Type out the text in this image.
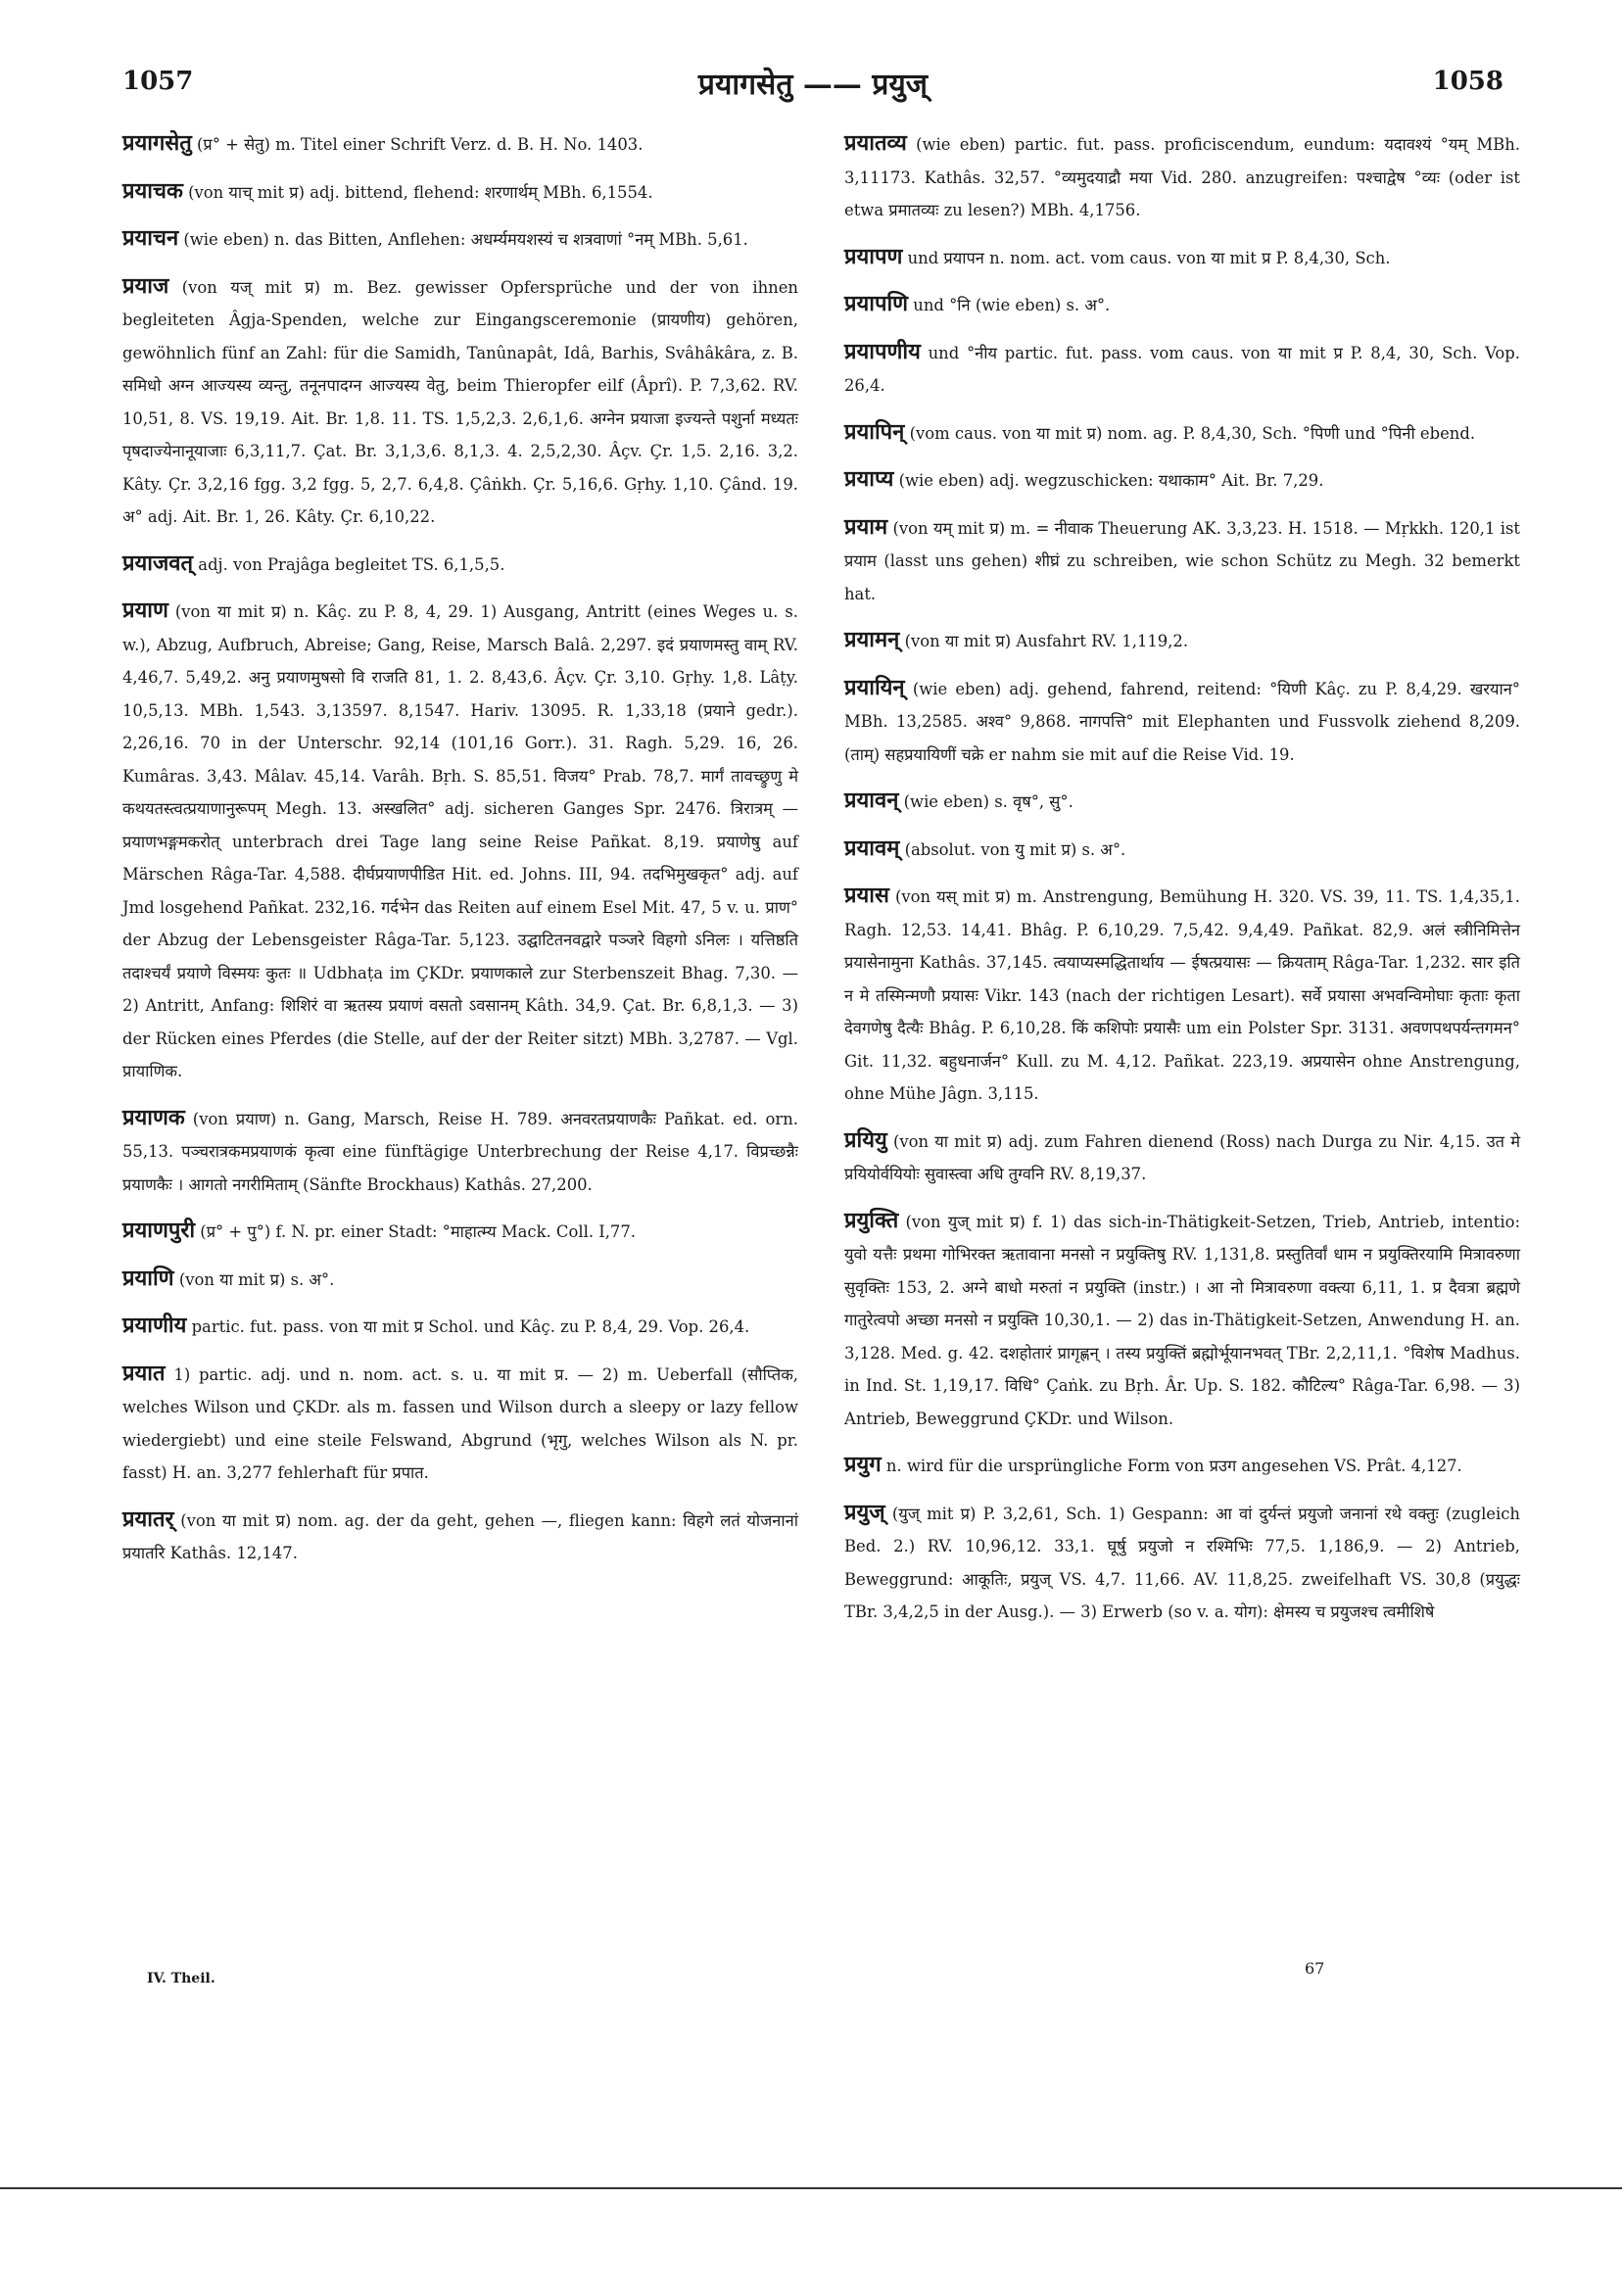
1057	प्रयागसेतु —— प्रयुज्	1058

प्रयागसेतु (प्र° + सेतु) m. Titel einer Schrift Verz. d. B. H. No. 1403.

प्रयाचक (von याच् mit प्र) adj. bittend, flehend: शरणार्थम् MBh. 6,1554.

प्रयाचन (wie eben) n. das Bitten, Anflehen: अधर्म्यमयशस्यं च शत्रवाणां °नम् MBh. 5,61.

प्रयाज (von यज् mit प्र) m. Bez. gewisser Opfersprüche und der von ihnen begleiteten Âgja-Spenden, welche zur Eingangsceremonie (प्रायणीय) gehören, gewöhnlich fünf an Zahl: für die Samidh, Tanûnapât, Idâ, Barhis, Svâhâkâra, z. B. समिधो अग्न आज्यस्य व्यन्तु, तनूनपादग्न आज्यस्य वेतु, beim Thieropfer eilf (Âprî). P. 7,3,62. RV. 10,51, 8. VS. 19,19. Ait. Br. 1,8. 11. TS. 1,5,2,3. 2,6,1,6. अग्नेन प्रयाजा इज्यन्ते पशुर्ना मध्यतः पृषदाज्येनानूयाजाः 6,3,11,7. Çat. Br. 3,1,3,6. 8,1,3. 4. 2,5,2,30. Âçv. Çr. 1,5. 2,16. 3,2. Kâty. Çr. 3,2,16 fgg. 3,2 fgg. 5, 2,7. 6,4,8. Çâṅkh. Çr. 5,16,6. Gṛhy. 1,10. Çând. 19. अ° adj. Ait. Br. 1, 26. Kâty. Çr. 6,10,22.

प्रयाजवत् adj. von Prajâga begleitet TS. 6,1,5,5.

प्रयाण (von या mit प्र) n. Kâç. zu P. 8, 4, 29. 1) Ausgang, Antritt (eines Weges u. s. w.), Abzug, Aufbruch, Abreise; Gang, Reise, Marsch Balâ. 2,297. इदं प्रयाणमस्तु वाम् RV. 4,46,7. 5,49,2. अनु प्रयाणमुषसो वि राजति 81, 1. 2. 8,43,6. Âçv. Çr. 3,10. Gṛhy. 1,8. Lâṭy. 10,5,13. MBh. 1,543. 3,13597. 8,1547. Hariv. 13095. R. 1,33,18 (प्रयाने gedr.). 2,26,16. 70 in der Unterschr. 92,14 (101,16 Gorr.). 31. Ragh. 5,29. 16, 26. Kumâras. 3,43. Mâlav. 45,14. Varâh. Bṛh. S. 85,51. विजय° Prab. 78,7. मार्गं तावच्छ्रुणु मे कथयतस्त्वत्प्रयाणानुरूपम् Megh. 13. अस्खलित° adj. sicheren Ganges Spr. 2476. त्रिरात्रम् — प्रयाणभङ्गमकरोत् unterbrach drei Tage lang seine Reise Pañkat. 8,19. प्रयाणेषु auf Märschen Râga-Tar. 4,588. दीर्घप्रयाणपीडित Hit. ed. Johns. III, 94. तदभिमुखकृत° adj. auf Jmd losgehend Pañkat. 232,16. गर्दभेन das Reiten auf einem Esel Mit. 47, 5 v. u. प्राण° der Abzug der Lebensgeister Râga-Tar. 5,123. उद्घाटितनवद्वारे पञ्जरे विहगो ऽनिलः । यत्तिष्ठति तदाश्चर्यं प्रयाणे विस्मयः कुतः ॥ Udbhaṭa im ÇKDr. प्रयाणकाले zur Sterbenszeit Bhag. 7,30. — 2) Antritt, Anfang: शिशिरं वा ऋतस्य प्रयाणं वसतो ऽवसानम् Kâth. 34,9. Çat. Br. 6,8,1,3. — 3) der Rücken eines Pferdes (die Stelle, auf der der Reiter sitzt) MBh. 3,2787. — Vgl. प्रायाणिक.

प्रयाणक (von प्रयाण) n. Gang, Marsch, Reise H. 789. अनवरतप्रयाणकैः Pañkat. ed. orn. 55,13. पञ्चरात्रकमप्रयाणकं कृत्वा eine fünftägige Unterbrechung der Reise 4,17. विप्रच्छन्नैः प्रयाणकैः । आगतो नगरीमिताम् (Sänfte Brockhaus) Kathâs. 27,200.

प्रयाणपुरी (प्र° + पु°) f. N. pr. einer Stadt: °माहात्म्य Mack. Coll. I,77.

प्रयाणि (von या mit प्र) s. अ°.

प्रयाणीय partic. fut. pass. von या mit प्र Schol. und Kâç. zu P. 8,4, 29. Vop. 26,4.

प्रयात 1) partic. adj. und n. nom. act. s. u. या mit प्र. — 2) m. Ueberfall (सौप्तिक, welches Wilson und ÇKDr. als m. fassen und Wilson durch a sleepy or lazy fellow wiedergiebt) und eine steile Felswand, Abgrund (भृगु, welches Wilson als N. pr. fasst) H. an. 3,277 fehlerhaft für प्रपात.

प्रयातर् (von या mit प्र) nom. ag. der da geht, gehen —, fliegen kann: विहगे लतं योजनानां प्रयातरि Kathâs. 12,147.

प्रयातव्य (wie eben) partic. fut. pass. proficiscendum, eundum: यदावश्यं °यम् MBh. 3,11173. Kathâs. 32,57. °व्यमुदयाद्रौ मया Vid. 280. anzugreifen: पश्चाद्वेष °व्यः (oder ist etwa प्रमातव्यः zu lesen?) MBh. 4,1756.

प्रयापण und प्रयापन n. nom. act. vom caus. von या mit प्र P. 8,4,30, Sch.

प्रयापणि und °नि (wie eben) s. अ°.

प्रयापणीय und °नीय partic. fut. pass. vom caus. von या mit प्र P. 8,4, 30, Sch. Vop. 26,4.

प्रयापिन् (vom caus. von या mit प्र) nom. ag. P. 8,4,30, Sch. °पिणी und °पिनी ebend.

प्रयाप्य (wie eben) adj. wegzuschicken: यथाकाम° Ait. Br. 7,29.

प्रयाम (von यम् mit प्र) m. = नीवाक Theuerung AK. 3,3,23. H. 1518. — Mṛkkh. 120,1 ist प्रयाम (lasst uns gehen) शीघ्रं zu schreiben, wie schon Schütz zu Megh. 32 bemerkt hat.

प्रयामन् (von या mit प्र) Ausfahrt RV. 1,119,2.

प्रयायिन् (wie eben) adj. gehend, fahrend, reitend: °यिणी Kâç. zu P. 8,4,29. खरयान° MBh. 13,2585. अश्व° 9,868. नागपत्ति° mit Elephanten und Fussvolk ziehend 8,209. (ताम्) सहप्रयायिणीं चक्रे er nahm sie mit auf die Reise Vid. 19.

प्रयावन् (wie eben) s. वृष°, सु°.

प्रयावम् (absolut. von यु mit प्र) s. अ°.

प्रयास (von यस् mit प्र) m. Anstrengung, Bemühung H. 320. VS. 39, 11. TS. 1,4,35,1. Ragh. 12,53. 14,41. Bhâg. P. 6,10,29. 7,5,42. 9,4,49. Pañkat. 82,9. अलं स्त्रीनिमित्तेन प्रयासेनामुना Kathâs. 37,145. त्वयाप्यस्मद्धितार्थाय — ईषत्प्रयासः — क्रियताम् Râga-Tar. 1,232. सार इति न मे तस्मिन्मणौ प्रयासः Vikr. 143 (nach der richtigen Lesart). सर्वे प्रयासा अभवन्विमोघाः कृताः कृता देवगणेषु दैत्यैः Bhâg. P. 6,10,28. किं कशिपोः प्रयासैः um ein Polster Spr. 3131. अवणपथपर्यन्तगमन° Git. 11,32. बहुधनार्जन° Kull. zu M. 4,12. Pañkat. 223,19. अप्रयासेन ohne Anstrengung, ohne Mühe Jâgn. 3,115.

प्रयियु (von या mit प्र) adj. zum Fahren dienend (Ross) nach Durga zu Nir. 4,15. उत मे प्रयियोर्वयियोः सुवास्त्वा अधि तुग्वनि RV. 8,19,37.

प्रयुक्ति (von युज् mit प्र) f. 1) das sich-in-Thätigkeit-Setzen, Trieb, Antrieb, intentio: युवो यत्तैः प्रथमा गोभिरक्त ऋतावाना मनसो न प्रयुक्तिषु RV. 1,131,8. प्रस्तुतिर्वां धाम न प्रयुक्तिरयामि मित्रावरुणा सुवृक्तिः 153, 2. अग्ने बाधो मरुतां न प्रयुक्ति (instr.) । आ नो मित्रावरुणा वक्त्या 6,11, 1. प्र दैवत्रा ब्रह्मणे गातुरेत्वपो अच्छा मनसो न प्रयुक्ति 10,30,1. — 2) das in-Thätigkeit-Setzen, Anwendung H. an. 3,128. Med. g. 42. दशहोतारं प्रागृह्णन् । तस्य प्रयुक्तिं ब्रह्मोर्भूयानभवत् TBr. 2,2,11,1. °विशेष Madhus. in Ind. St. 1,19,17. विधि° Çaṅk. zu Bṛh. Âr. Up. S. 182. कौटिल्य° Râga-Tar. 6,98. — 3) Antrieb, Beweggrund ÇKDr. und Wilson.

प्रयुग n. wird für die ursprüngliche Form von प्रउग angesehen VS. Prât. 4,127.

प्रयुज् (युज् mit प्र) P. 3,2,61, Sch. 1) Gespann: आ वां दुर्यन्तं प्रयुजो जनानां रथे वक्तुः (zugleich Bed. 2.) RV. 10,96,12. 33,1. घूर्षु प्रयुजो न रश्मिभिः 77,5. 1,186,9. — 2) Antrieb, Beweggrund: आकूतिः, प्रयुज् VS. 4,7. 11,66. AV. 11,8,25. zweifelhaft VS. 30,8 (प्रयुद्धः TBr. 3,4,2,5 in der Ausg.). — 3) Erwerb (so v. a. योग): क्षेमस्य च प्रयुजश्च त्वमीशिषे

IV. Theil.
67
